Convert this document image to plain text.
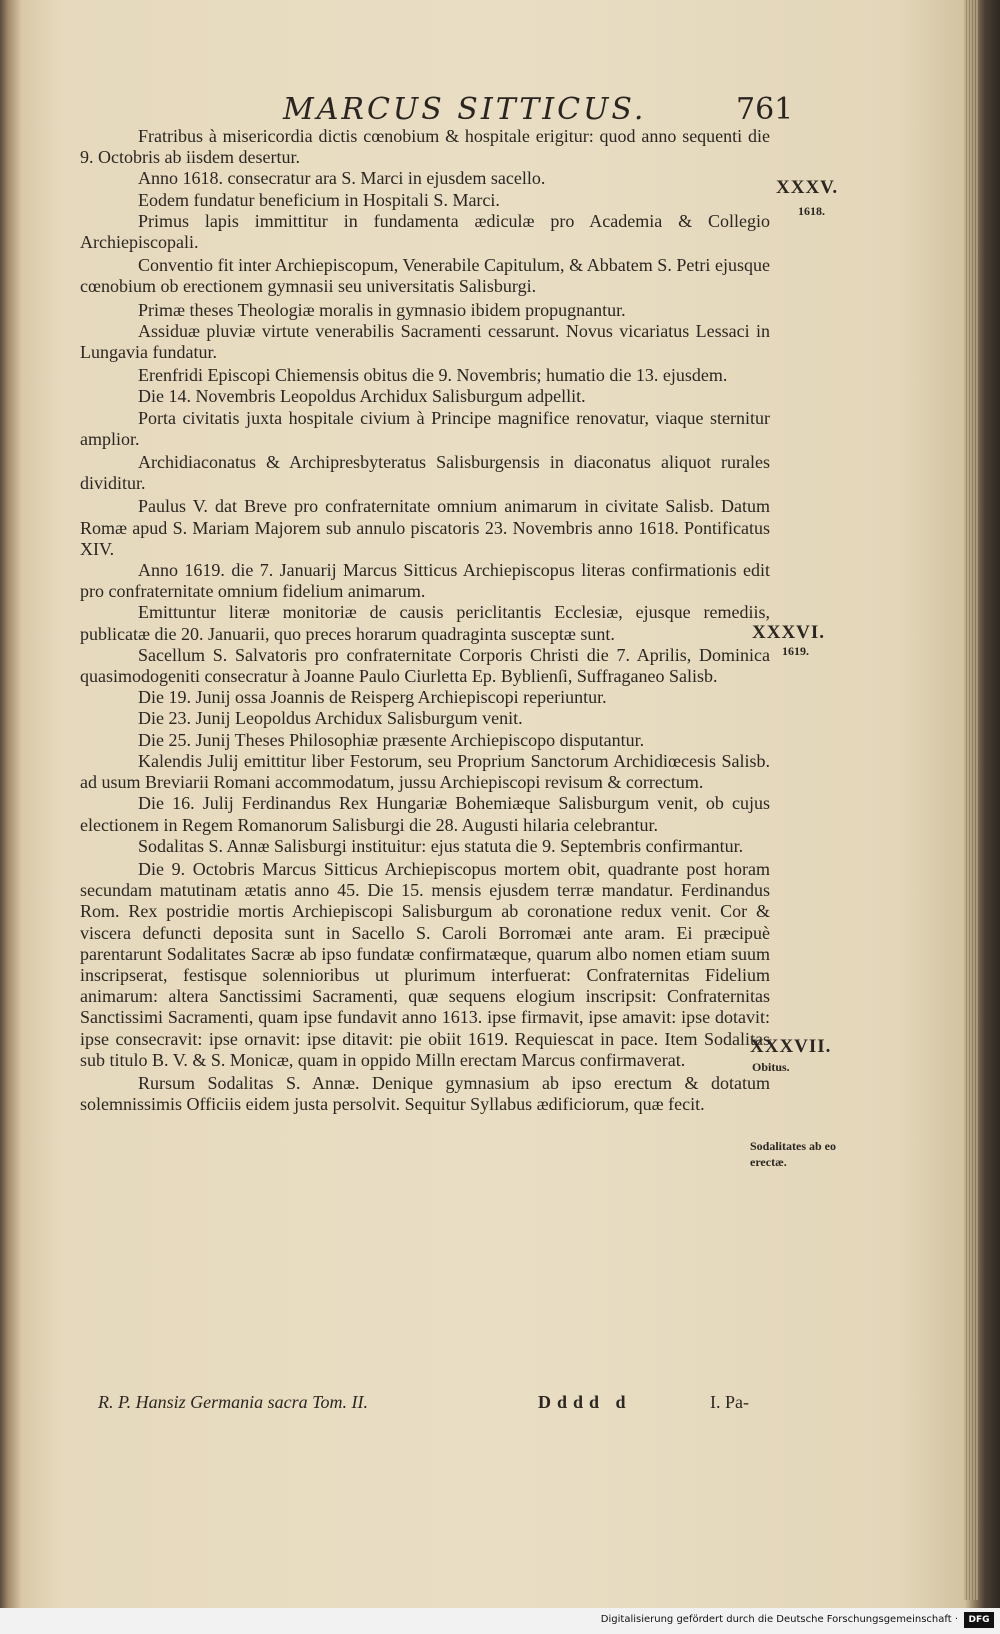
MARCUS SITTICUS.	761

Fratribus à misericordia dictis cœnobium & hospitale erigitur: quod anno sequenti die 9. Octobris ab iisdem desertur.

Anno 1618. consecratur ara S. Marci in ejusdem sacello.

Eodem fundatur beneficium in Hospitali S. Marci.

Primus lapis immittitur in fundamenta ædiculæ pro Academia & Collegio Archiepiscopali.

Conventio fit inter Archiepiscopum, Venerabile Capitulum, & Abbatem S. Petri ejusque cœnobium ob erectionem gymnasii seu universitatis Salisburgi.

Primæ theses Theologiæ moralis in gymnasio ibidem propugnantur.

Assiduæ pluviæ virtute venerabilis Sacramenti cessarunt. Novus vicariatus Lessaci in Lungavia fundatur.

Erenfridi Episcopi Chiemensis obitus die 9. Novembris; humatio die 13. ejusdem.

Die 14. Novembris Leopoldus Archidux Salisburgum adpellit.

Porta civitatis juxta hospitale civium à Principe magnifice renovatur, viaque sternitur amplior.

Archidiaconatus & Archipresbyteratus Salisburgensis in diaconatus aliquot rurales dividitur.

Paulus V. dat Breve pro confraternitate omnium animarum in civitate Salisb. Datum Romæ apud S. Mariam Majorem sub annulo piscatoris 23. Novembris anno 1618. Pontificatus XIV.

Anno 1619. die 7. Januarij Marcus Sitticus Archiepiscopus literas confirmationis edit pro confraternitate omnium fidelium animarum.

Emittuntur literæ monitoriæ de causis periclitantis Ecclesiæ, ejusque remediis, publicatæ die 20. Januarii, quo preces horarum quadraginta susceptæ sunt.

Sacellum S. Salvatoris pro confraternitate Corporis Christi die 7. Aprilis, Dominica quasimodogeniti consecratur à Joanne Paulo Ciurletta Ep. Byblienſi, Suffraganeo Salisb.

Die 19. Junij ossa Joannis de Reisperg Archiepiscopi reperiuntur.

Die 23. Junij Leopoldus Archidux Salisburgum venit.

Die 25. Junij Theses Philosophiæ præsente Archiepiscopo disputantur.

Kalendis Julij emittitur liber Festorum, seu Proprium Sanctorum Archidiœcesis Salisb. ad usum Breviarii Romani accommodatum, jussu Archiepiscopi revisum & correctum.

Die 16. Julij Ferdinandus Rex Hungariæ Bohemiæque Salisburgum venit, ob cujus electionem in Regem Romanorum Salisburgi die 28. Augusti hilaria celebrantur.

Sodalitas S. Annæ Salisburgi instituitur: ejus statuta die 9. Septembris confirmantur.

Die 9. Octobris Marcus Sitticus Archiepiscopus mortem obit, quadrante post horam secundam matutinam ætatis anno 45. Die 15. mensis ejusdem terræ mandatur. Ferdinandus Rom. Rex postridie mortis Archiepiscopi Salisburgum ab coronatione redux venit. Cor & viscera defuncti deposita sunt in Sacello S. Caroli Borromæi ante aram. Ei præcipuè parentarunt Sodalitates Sacræ ab ipso fundatæ confirmatæque, quarum albo nomen etiam suum inscripserat, festisque solennioribus ut plurimum interfuerat: Confraternitas Fidelium animarum: altera Sanctissimi Sacramenti, quæ sequens elogium inscripsit: Confraternitas Sanctissimi Sacramenti, quam ipse fundavit anno 1613. ipse firmavit, ipse amavit: ipse dotavit: ipse consecravit: ipse ornavit: ipse ditavit: pie obiit 1619. Requiescat in pace. Item Sodalitas sub titulo B. V. & S. Monicæ, quam in oppido Milln erectam Marcus confirmaverat.

Rursum Sodalitas S. Annæ. Denique gymnasium ab ipso erectum & dotatum solemnissimis Officiis eidem justa persolvit. Sequitur Syllabus ædificiorum, quæ fecit.

XXXV.
1618.
XXXVI.
1619.
XXXVII.
Obitus.
Sodalitates ab eo erectæ.
R. P. Hansiz Germania sacra Tom. II.	Dddd d	I. Pa-
Digitalisierung gefördert durch die Deutsche Forschungsgemeinschaft ·	DFG
